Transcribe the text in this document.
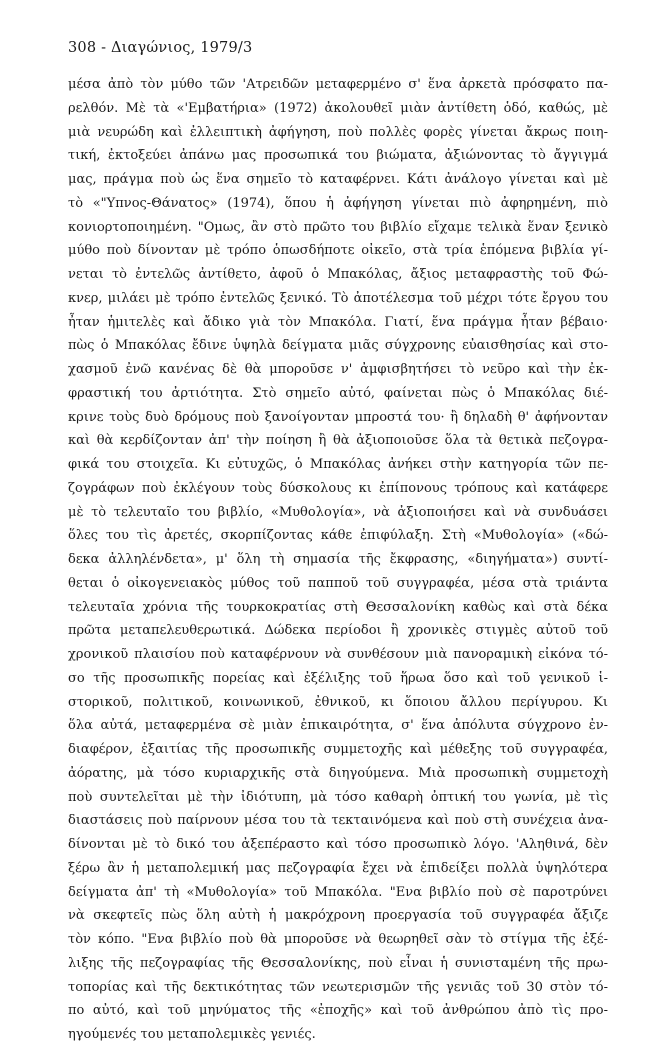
308 - Διαγώνιος, 1979/3
μέσα ἀπὸ τὸν μύθο τῶν 'Ατρειδῶν μεταφερμένο σ' ἕνα ἀρκετὰ πρόσφατο πα-
ρελθόν. Μὲ τὰ «'Εμβατήρια» (1972) ἀκολουθεῖ μιὰν ἀντίθετη ὁδό, καθώς, μὲ
μιὰ νευρώδη καὶ ἐλλειπτικὴ ἀφήγηση, ποὺ πολλὲς φορὲς γίνεται ἄκρως ποιη-
τική, ἐκτοξεύει ἀπάνω μας προσωπικά του βιώματα, ἀξιώνοντας τὸ ἄγγιγμά
μας, πράγμα ποὺ ὡς ἕνα σημεῖο τὸ καταφέρνει. Κάτι ἀνάλογο γίνεται καὶ μὲ
τὸ «"Υπνος-Θάνατος» (1974), ὅπου ἡ ἀφήγηση γίνεται πιὸ ἀφηρημένη, πιὸ
κονιορτοποιημένη. "Ομως, ἂν στὸ πρῶτο του βιβλίο εἴχαμε τελικὰ ἕναν ξενικὸ
μύθο ποὺ δίνονταν μὲ τρόπο ὁπωσδήποτε οἰκεῖο, στὰ τρία ἑπόμενα βιβλία γί-
νεται τὸ ἐντελῶς ἀντίθετο, ἀφοῦ ὁ Μπακόλας, ἄξιος μεταφραστὴς τοῦ Φώ-
κνερ, μιλάει μὲ τρόπο ἐντελῶς ξενικό. Τὸ ἀποτέλεσμα τοῦ μέχρι τότε ἔργου του
ἦταν ἡμιτελὲς καὶ ἄδικο γιὰ τὸν Μπακόλα. Γιατί, ἕνα πράγμα ἦταν βέβαιο·
πὼς ὁ Μπακόλας ἔδινε ὑψηλὰ δείγματα μιᾶς σύγχρονης εὐαισθησίας καὶ στο-
χασμοῦ ἐνῶ κανένας δὲ θὰ μποροῦσε ν' ἀμφισβητήσει τὸ νεῦρο καὶ τὴν ἐκ-
φραστική του ἀρτιότητα. Στὸ σημεῖο αὐτό, φαίνεται πὼς ὁ Μπακόλας διέ-
κρινε τοὺς δυὸ δρόμους ποὺ ξανοίγονταν μπροστά του· ἢ δηλαδὴ θ' ἀφήνονταν
καὶ θὰ κερδίζονταν ἀπ' τὴν ποίηση ἢ θὰ ἀξιοποιοῦσε ὅλα τὰ θετικὰ πεζογρα-
φικά του στοιχεῖα. Κι εὐτυχῶς, ὁ Μπακόλας ἀνήκει στὴν κατηγορία τῶν πε-
ζογράφων ποὺ ἐκλέγουν τοὺς δύσκολους κι ἐπίπονους τρόπους καὶ κατάφερε
μὲ τὸ τελευταῖο του βιβλίο, «Μυθολογία», νὰ ἀξιοποιήσει καὶ νὰ συνδυάσει
ὅλες του τὶς ἀρετές, σκορπίζοντας κάθε ἐπιφύλαξη. Στὴ «Μυθολογία» («δώ-
δεκα ἀλληλένδετα», μ' ὅλη τὴ σημασία τῆς ἔκφρασης, «διηγήματα») συντί-
θεται ὁ οἰκογενειακὸς μύθος τοῦ παπποῦ τοῦ συγγραφέα, μέσα στὰ τριάντα
τελευταῖα χρόνια τῆς τουρκοκρατίας στὴ Θεσσαλονίκη καθὼς καὶ στὰ δέκα
πρῶτα μεταπελευθερωτικά. Δώδεκα περίοδοι ἢ χρονικὲς στιγμὲς αὐτοῦ τοῦ
χρονικοῦ πλαισίου ποὺ καταφέρνουν νὰ συνθέσουν μιὰ πανοραμικὴ εἰκόνα τό-
σο τῆς προσωπικῆς πορείας καὶ ἐξέλιξης τοῦ ἥρωα ὅσο καὶ τοῦ γενικοῦ ἱ-
στορικοῦ, πολιτικοῦ, κοινωνικοῦ, ἐθνικοῦ, κι ὅποιου ἄλλου περίγυρου. Κι
ὅλα αὐτά, μεταφερμένα σὲ μιὰν ἐπικαιρότητα, σ' ἕνα ἀπόλυτα σύγχρονο ἐν-
διαφέρον, ἐξαιτίας τῆς προσωπικῆς συμμετοχῆς καὶ μέθεξης τοῦ συγγραφέα,
ἀόρατης, μὰ τόσο κυριαρχικῆς στὰ διηγούμενα. Μιὰ προσωπικὴ συμμετοχὴ
ποὺ συντελεῖται μὲ τὴν ἰδιότυπη, μὰ τόσο καθαρὴ ὀπτική του γωνία, μὲ τὶς
διαστάσεις ποὺ παίρνουν μέσα του τὰ τεκταινόμενα καὶ ποὺ στὴ συνέχεια ἀνα-
δίνονται μὲ τὸ δικό του ἀξεπέραστο καὶ τόσο προσωπικὸ λόγο. 'Αληθινά, δὲν
ξέρω ἂν ἡ μεταπολεμική μας πεζογραφία ἔχει νὰ ἐπιδείξει πολλὰ ὑψηλότερα
δείγματα ἀπ' τὴ «Μυθολογία» τοῦ Μπακόλα. "Ενα βιβλίο ποὺ σὲ παροτρύνει
νὰ σκεφτεῖς πὼς ὅλη αὐτὴ ἡ μακρόχρονη προεργασία τοῦ συγγραφέα ἄξιζε
τὸν κόπο. "Ενα βιβλίο ποὺ θὰ μποροῦσε νὰ θεωρηθεῖ σὰν τὸ στίγμα τῆς ἐξέ-
λιξης τῆς πεζογραφίας τῆς Θεσσαλονίκης, ποὺ εἶναι ἡ συνισταμένη τῆς πρω-
τοπορίας καὶ τῆς δεκτικότητας τῶν νεωτερισμῶν τῆς γενιᾶς τοῦ 30 στὸν τό-
πο αὐτό, καὶ τοῦ μηνύματος τῆς «ἐποχῆς» καὶ τοῦ ἀνθρώπου ἀπὸ τὶς προ-
ηγούμενές του μεταπολεμικὲς γενιές.
